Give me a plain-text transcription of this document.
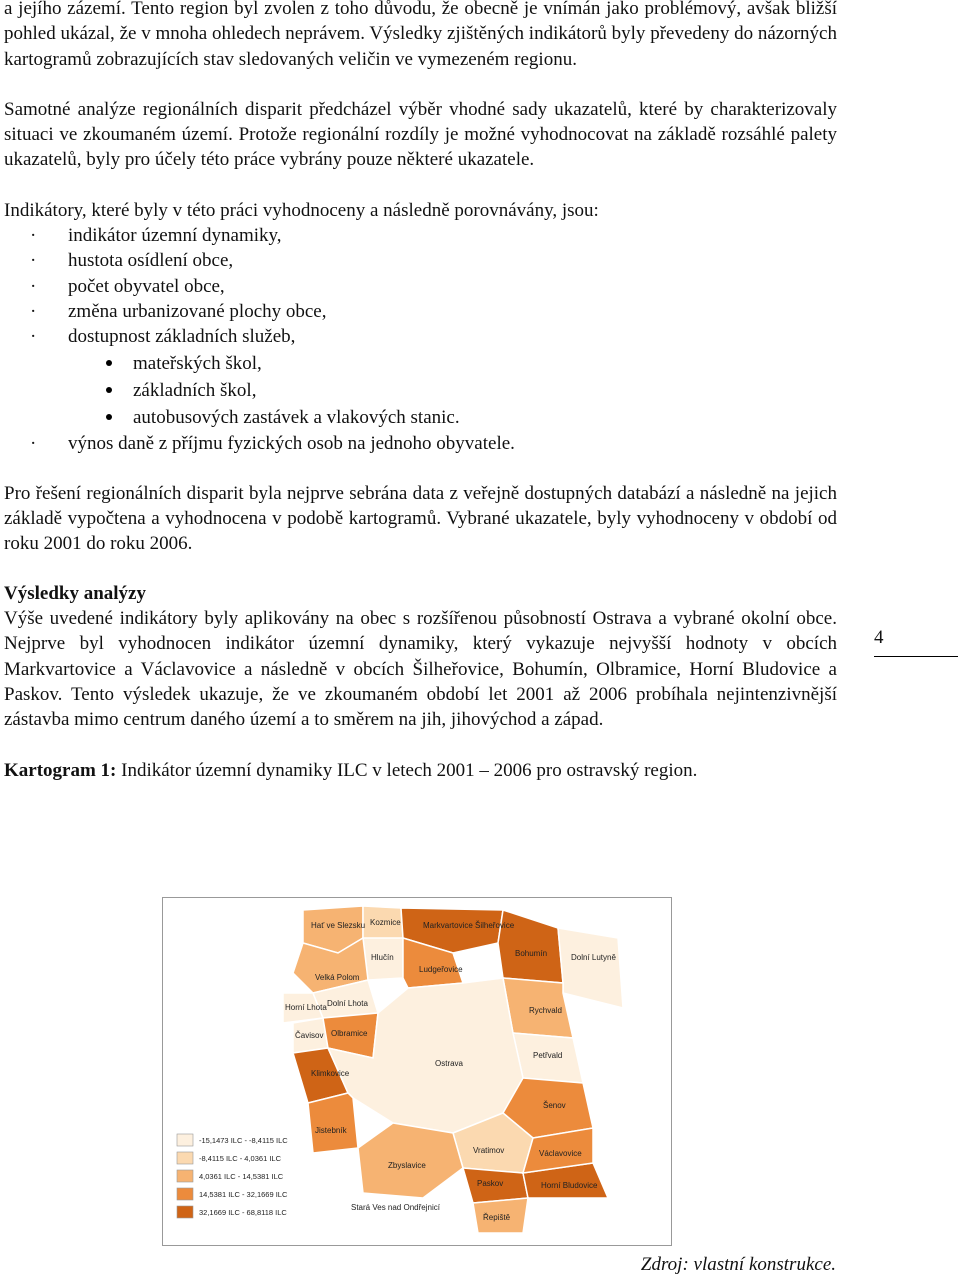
a jejího zázemí. Tento region byl zvolen z toho důvodu, že obecně je vnímán jako problémový, avšak bližší pohled ukázal, že v mnoha ohledech neprávem. Výsledky zjištěných indikátorů byly převedeny do názorných kartogramů zobrazujících stav sledovaných veličin ve vymezeném regionu.

Samotné analýze regionálních disparit předcházel výběr vhodné sady ukazatelů, které by charakterizovaly situaci ve zkoumaném území. Protože regionální rozdíly je možné vyhodnocovat na základě rozsáhlé palety ukazatelů, byly pro účely této práce vybrány pouze některé ukazatele.

Indikátory, které byly v této práci vyhodnoceny a následně porovnávány, jsou:

· indikátor územní dynamiky,
· hustota osídlení obce,
· počet obyvatel obce,
· změna urbanizované plochy obce,
· dostupnost základních služeb,
mateřských škol,
základních škol,
autobusových zastávek a vlakových stanic.
· výnos daně z příjmu fyzických osob na jednoho obyvatele.

Pro řešení regionálních disparit byla nejprve sebrána data z veřejně dostupných databází a následně na jejich základě vypočtena a vyhodnocena v podobě kartogramů. Vybrané ukazatele, byly vyhodnoceny v období od roku 2001 do roku 2006.

Výsledky analýzy

Výše uvedené indikátory byly aplikovány na obec s rozšířenou působností Ostrava a vybrané okolní obce. Nejprve byl vyhodnocen indikátor územní dynamiky, který vykazuje nejvyšší hodnoty v obcích Markvartovice a Václavovice a následně v obcích Šilheřovice, Bohumín, Olbramice, Horní Bludovice a Paskov. Tento výsledek ukazuje, že ve zkoumaném období let 2001 až 2006 probíhala nejintenzivnější zástavba mimo centrum daného území a to směrem na jih, jihovýchod a západ.

Kartogram 1: Indikátor územní dynamiky ILC v letech 2001 – 2006 pro ostravský region.

4
Hať ve Slezsku Kozmice	Markvartovice Šilheřovice
Bohumín	Dolní Lutyně
Hlučín
Ludgeřovice
Velká Polom
Horní Lhota Dolní Lhota
Rychvald
Čavisov Olbramice
Petřvald
Klimkovice
Ostrava
Šenov
Jistebník
Vratimov
Zbyslavice
Paskov	Horní Bludovice
Václavovice
Řepiště
Stará Ves nad Ondřejnicí
-15,1473 ILC - -8,4115 ILC
-8,4115 ILC - 4,0361 ILC
4,0361 ILC - 14,5381 ILC
14,5381 ILC - 32,1669 ILC
32,1669 ILC - 68,8118 ILC
Zdroj: vlastní konstrukce.
